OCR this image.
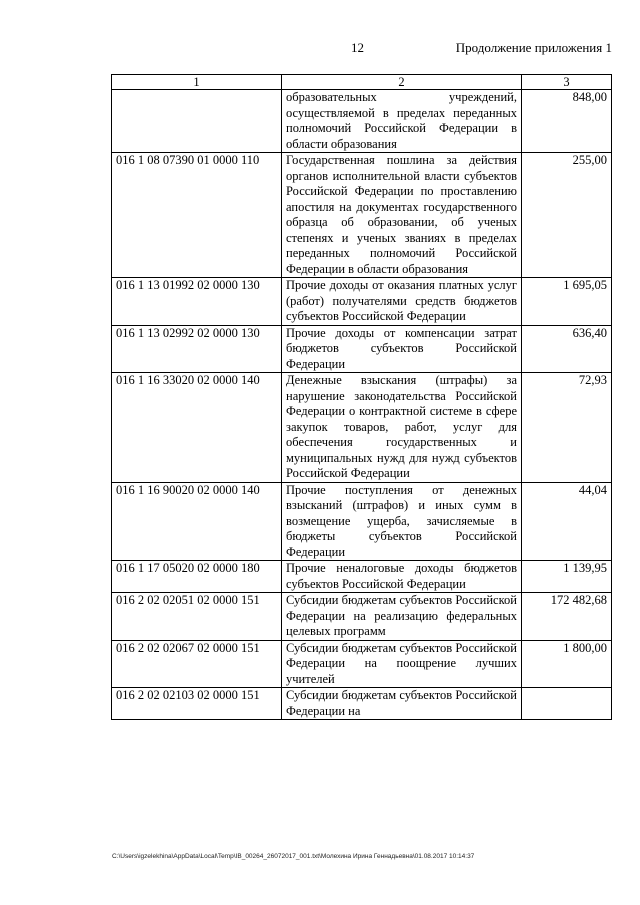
12	Продолжение приложения 1
1	2	3
	образовательных учреждений, осуществляемой в пределах переданных полномочий Российской Федерации в области образования	848,00
016 1 08 07390 01 0000 110	Государственная пошлина за действия органов исполнительной власти субъектов Российской Федерации по проставлению апостиля на документах государственного образца об образовании, об ученых степенях и ученых званиях в пределах переданных полномочий Российской Федерации в области образования	255,00
016 1 13 01992 02 0000 130	Прочие доходы от оказания платных услуг (работ) получателями средств бюджетов субъектов Российской Федерации	1 695,05
016 1 13 02992 02 0000 130	Прочие доходы от компенсации затрат бюджетов субъектов Российской Федерации	636,40
016 1 16 33020 02 0000 140	Денежные взыскания (штрафы) за нарушение законодательства Российской Федерации о контрактной системе в сфере закупок товаров, работ, услуг для обеспечения государственных и муниципальных нужд для нужд субъектов Российской Федерации	72,93
016 1 16 90020 02 0000 140	Прочие поступления от денежных взысканий (штрафов) и иных сумм в возмещение ущерба, зачисляемые в бюджеты субъектов Российской Федерации	44,04
016 1 17 05020 02 0000 180	Прочие неналоговые доходы бюджетов субъектов Российской Федерации	1 139,95
016 2 02 02051 02 0000 151	Субсидии бюджетам субъектов Российской Федерации на реализацию федеральных целевых программ	172 482,68
016 2 02 02067 02 0000 151	Субсидии бюджетам субъектов Российской Федерации на поощрение лучших учителей	1 800,00
016 2 02 02103 02 0000 151	Субсидии бюджетам субъектов Российской Федерации на	
C:\Users\igzelekhina\AppData\Local\Temp\IB_00264_26072017_001.txt\Молехина Ирина Геннадьевна\01.08.2017 10:14:37
